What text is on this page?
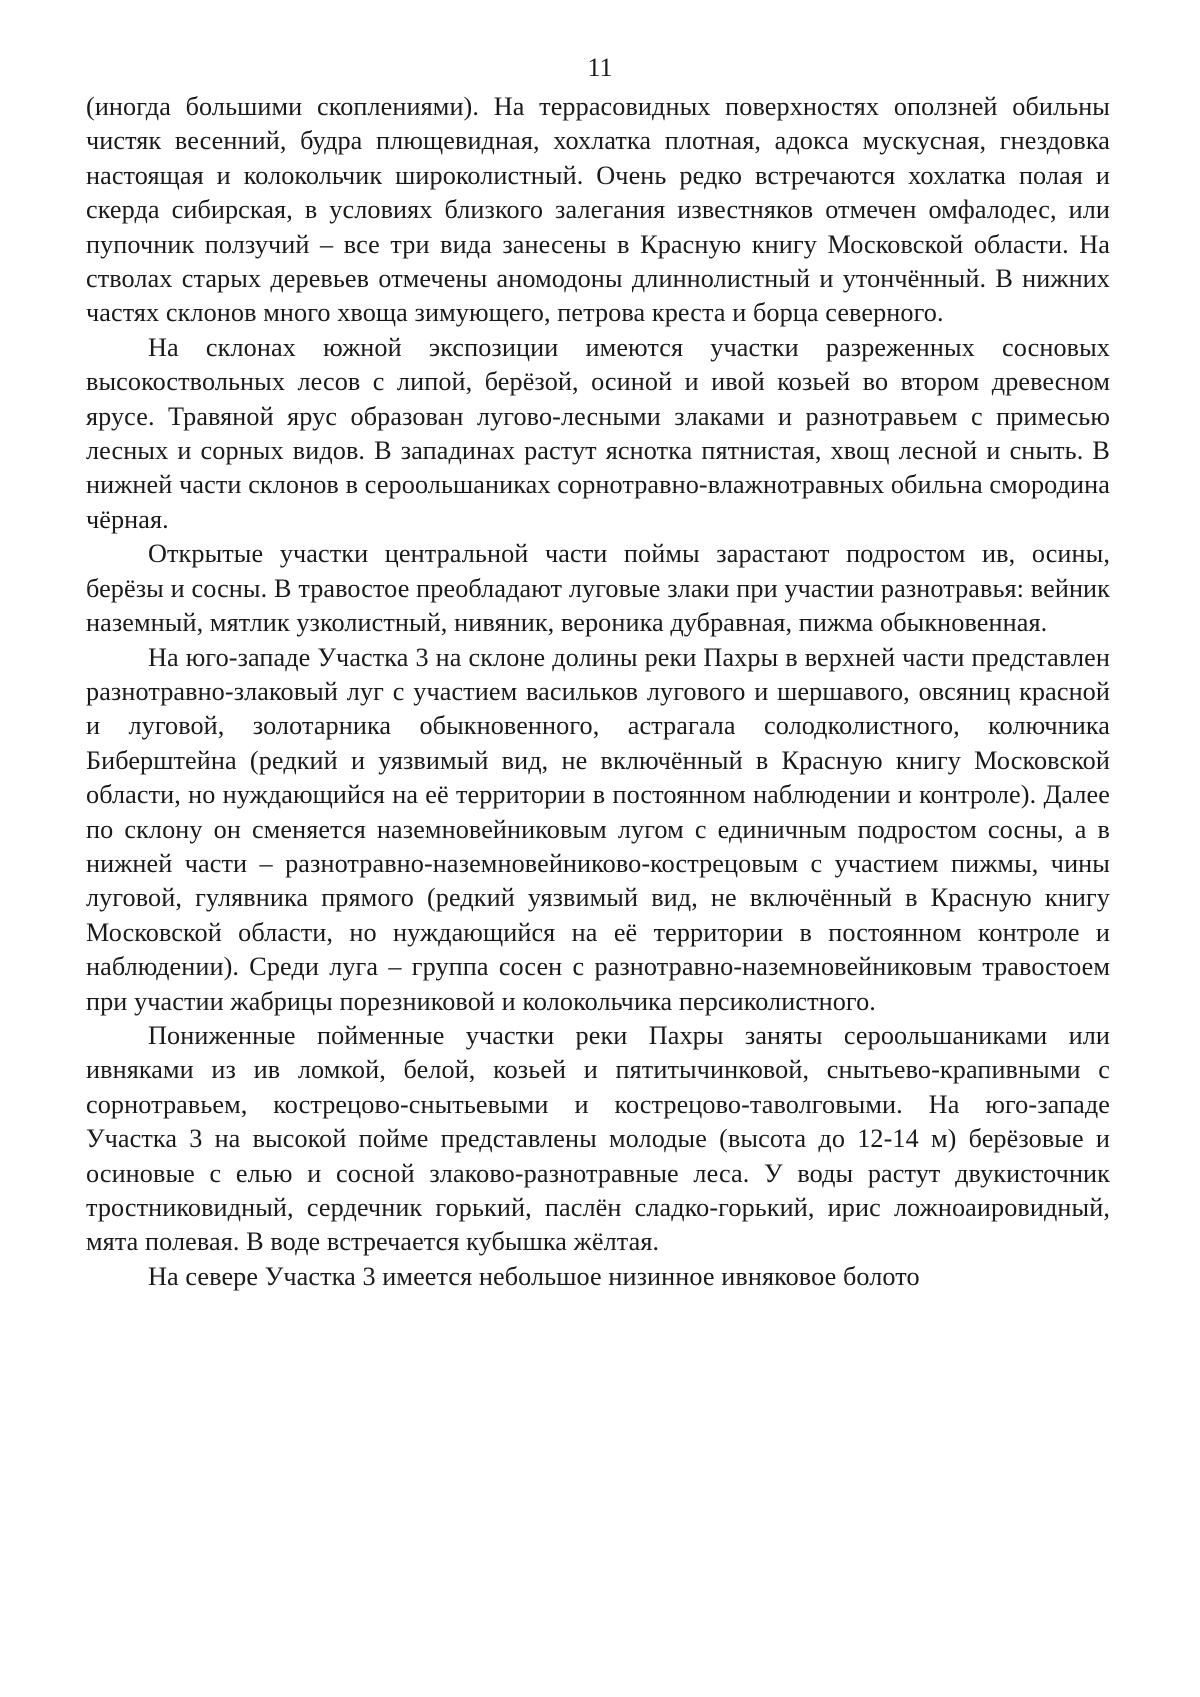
11

(иногда большими скоплениями). На террасовидных поверхностях оползней обильны чистяк весенний, будра плющевидная, хохлатка плотная, адокса мускусная, гнездовка настоящая и колокольчик широколистный. Очень редко встречаются хохлатка полая и скерда сибирская, в условиях близкого залегания известняков отмечен омфалодес, или пупочник ползучий – все три вида занесены в Красную книгу Московской области. На стволах старых деревьев отмечены аномодоны длиннолистный и утончённый. В нижних частях склонов много хвоща зимующего, петрова креста и борца северного.

На склонах южной экспозиции имеются участки разреженных сосновых высокоствольных лесов с липой, берёзой, осиной и ивой козьей во втором древесном ярусе. Травяной ярус образован лугово-лесными злаками и разнотравьем с примесью лесных и сорных видов. В западинах растут яснотка пятнистая, хвощ лесной и сныть. В нижней части склонов в сероольшаниках сорнотравно-влажнотравных обильна смородина чёрная.

Открытые участки центральной части поймы зарастают подростом ив, осины, берёзы и сосны. В травостое преобладают луговые злаки при участии разнотравья: вейник наземный, мятлик узколистный, нивяник, вероника дубравная, пижма обыкновенная.

На юго-западе Участка 3 на склоне долины реки Пахры в верхней части представлен разнотравно-злаковый луг с участием васильков лугового и шершавого, овсяниц красной и луговой, золотарника обыкновенного, астрагала солодколистного, колючника Биберштейна (редкий и уязвимый вид, не включённый в Красную книгу Московской области, но нуждающийся на её территории в постоянном наблюдении и контроле). Далее по склону он сменяется наземновейниковым лугом с единичным подростом сосны, а в нижней части – разнотравно-наземновейниково-кострецовым с участием пижмы, чины луговой, гулявника прямого (редкий уязвимый вид, не включённый в Красную книгу Московской области, но нуждающийся на её территории в постоянном контроле и наблюдении). Среди луга – группа сосен с разнотравно-наземновейниковым травостоем при участии жабрицы порезниковой и колокольчика персиколистного.

Пониженные пойменные участки реки Пахры заняты сероольшаниками или ивняками из ив ломкой, белой, козьей и пятитычинковой, снытьево-крапивными с сорнотравьем, кострецово-снытьевыми и кострецово-таволговыми. На юго-западе Участка 3 на высокой пойме представлены молодые (высота до 12-14 м) берёзовые и осиновые с елью и сосной злаково-разнотравные леса. У воды растут двукисточник тростниковидный, сердечник горький, паслён сладко-горький, ирис ложноаировидный, мята полевая. В воде встречается кубышка жёлтая.

На севере Участка 3 имеется небольшое низинное ивняковое болото
